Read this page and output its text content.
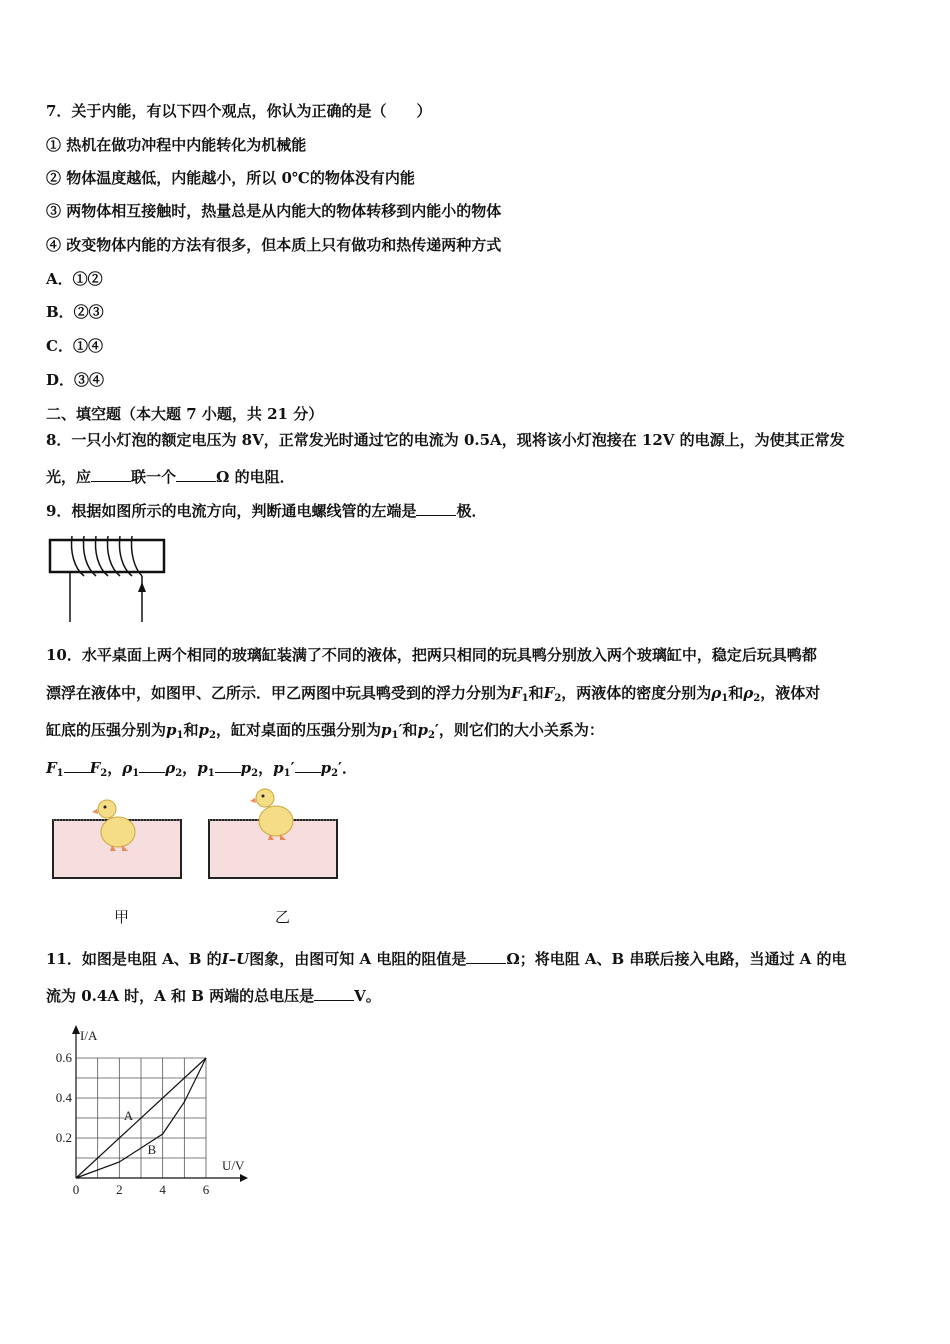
7．关于内能，有以下四个观点，你认为正确的是（　　）
① 热机在做功冲程中内能转化为机械能
② 物体温度越低，内能越小，所以 0℃的物体没有内能
③ 两物体相互接触时，热量总是从内能大的物体转移到内能小的物体
④ 改变物体内能的方法有很多，但本质上只有做功和热传递两种方式
A．①②
B．②③
C．①④
D．③④
二、填空题（本大题 7 小题，共 21 分）
8．一只小灯泡的额定电压为 8V，正常发光时通过它的电流为 0.5A，现将该小灯泡接在 12V 的电源上，为使其正常发
光，应	联一个	Ω 的电阻．
9．根据如图所示的电流方向，判断通电螺线管的左端是	极．
10．水平桌面上两个相同的玻璃缸装满了不同的液体，把两只相同的玩具鸭分别放入两个玻璃缸中，稳定后玩具鸭都
漂浮在液体中，如图甲、乙所示．甲乙两图中玩具鸭受到的浮力分别为$F_1$和$F_2$，两液体的密度分别为$\rho_1$和$\rho_2$，液体对
缸底的压强分别为$p_1$和$p_2$，缸对桌面的压强分别为$p_1'$和$p_2'$，则它们的大小关系为：
$F_1$ $F_2$，$\rho_1$ $\rho_2$，$p_1$ $p_2$，$p_1'$ $p_2'$．
甲	乙
11．如图是电阻 A、B 的I–U图象，由图可知 A 电阻的阻值是	Ω；将电阻 A、B 串联后接入电路，当通过 A 的电
流为 0.4A 时，A 和 B 两端的总电压是	V。
0	2	4	6
0.2
0.4
0.6
I/A
U/V
A
B
